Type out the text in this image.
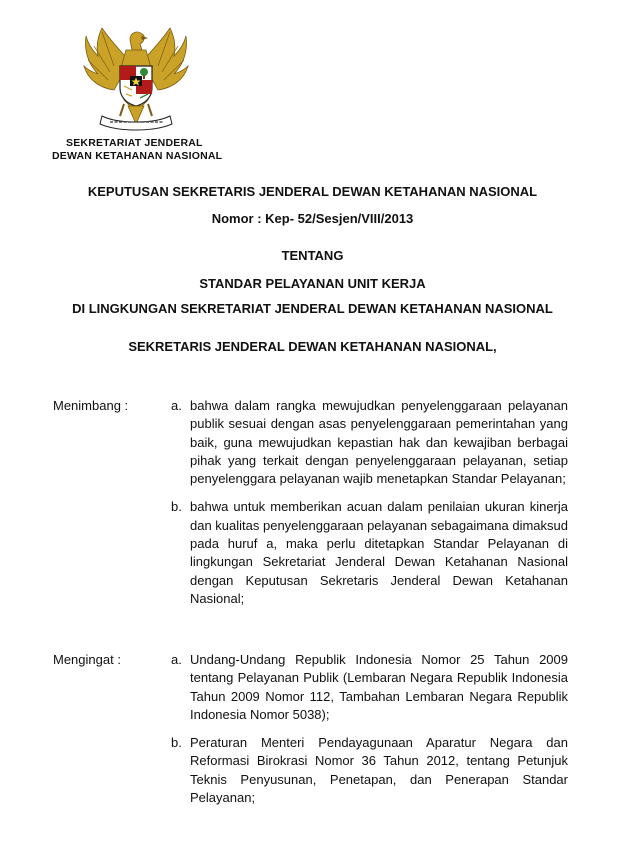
SEKRETARIAT JENDERAL
DEWAN KETAHANAN NASIONAL
KEPUTUSAN SEKRETARIS JENDERAL DEWAN KETAHANAN NASIONAL
Nomor : Kep- 52/Sesjen/VIII/2013
TENTANG
STANDAR PELAYANAN UNIT KERJA
DI LINGKUNGAN SEKRETARIAT JENDERAL DEWAN KETAHANAN NASIONAL
SEKRETARIS JENDERAL DEWAN KETAHANAN NASIONAL,
Menimbang :	a. bahwa dalam rangka mewujudkan penyelenggaraan pelayanan publik sesuai dengan asas penyelenggaraan pemerintahan yang baik, guna mewujudkan kepastian hak dan kewajiban berbagai pihak yang terkait dengan penyelenggaraan pelayanan, setiap penyelenggara pelayanan wajib menetapkan Standar Pelayanan;
b. bahwa untuk memberikan acuan dalam penilaian ukuran kinerja dan kualitas penyelenggaraan pelayanan sebagaimana dimaksud pada huruf a, maka perlu ditetapkan Standar Pelayanan di lingkungan Sekretariat Jenderal Dewan Ketahanan Nasional dengan Keputusan Sekretaris Jenderal Dewan Ketahanan Nasional;
Mengingat :	a. Undang-Undang Republik Indonesia Nomor 25 Tahun 2009 tentang Pelayanan Publik (Lembaran Negara Republik Indonesia Tahun 2009 Nomor 112, Tambahan Lembaran Negara Republik Indonesia Nomor 5038);
b. Peraturan Menteri Pendayagunaan Aparatur Negara dan Reformasi Birokrasi Nomor 36 Tahun 2012, tentang Petunjuk Teknis Penyusunan, Penetapan, dan Penerapan Standar Pelayanan;
